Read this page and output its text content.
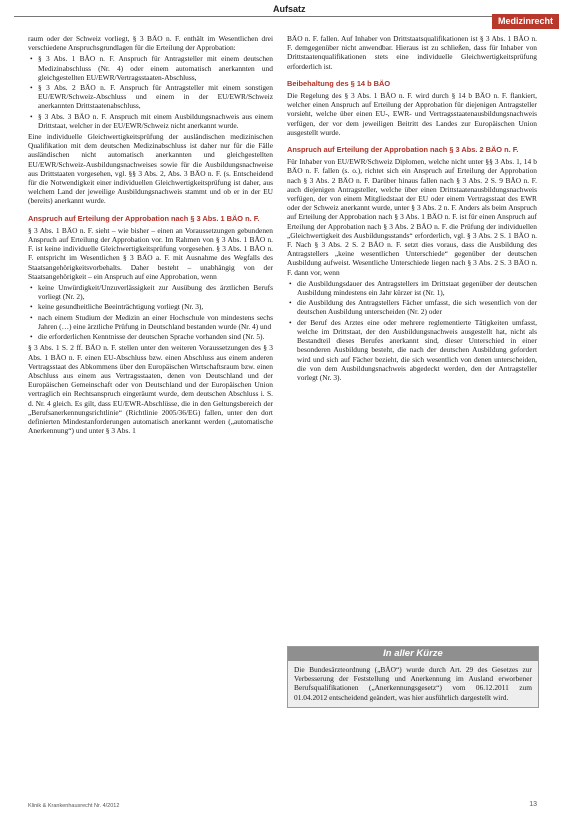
Aufsatz
Medizinrecht

raum oder der Schweiz vorliegt, § 3 BÄO n. F. enthält im Wesentlichen drei verschiedene Anspruchsgrundlagen für die Erteilung der Approbation:

• § 3 Abs. 1 BÄO n. F. Anspruch für Antragsteller mit einem deutschen Medizinabschluss (Nr. 4) oder einem automatisch anerkannten und gleichgestellten EU/EWR/Vertragsstaaten-Abschluss,
• § 3 Abs. 2 BÄO n. F. Anspruch für Antragsteller mit einem sonstigen EU/EWR/Schweiz-Abschluss und einem in der EU/EWR/Schweiz anerkannten Drittstaatenabschluss,
• § 3 Abs. 3 BÄO n. F. Anspruch mit einem Ausbildungsnachweis aus einem Drittstaat, welcher in der EU/EWR/Schweiz nicht anerkannt wurde.

Eine individuelle Gleichwertigkeitsprüfung der ausländischen medizinischen Qualifikation mit dem deutschen Medizinabschluss ist daher nur für die Fälle ausländischen nicht automatisch anerkannten und gleichgestellten EU/EWR/Schweiz-Ausbildungsnachweises sowie für die Ausbildungsnachweise aus Drittstaaten vorgesehen, vgl. §§ 3 Abs. 2, Abs. 3 BÄO n. F. (s. Entscheidend für die Notwendigkeit einer individuellen Gleichwertigkeitsprüfung ist daher, aus welchem Land der jeweilige Ausbildungsnachweis stammt und ob er in der EU (bereits) anerkannt wurde.

Anspruch auf Erteilung der Approbation nach § 3 Abs. 1 BÄO n. F.

§ 3 Abs. 1 BÄO n. F. sieht – wie bisher – einen an Voraussetzungen gebundenen Anspruch auf Erteilung der Approbation vor. Im Rahmen von § 3 Abs. 1 BÄO n. F. ist keine individuelle Gleichwertigkeitsprüfung vorgesehen. § 3 Abs. 1 BÄO n. F. entspricht im Wesentlichen § 3 BÄO a. F. mit Ausnahme des Wegfalls des Staatsangehörigkeitsvorbehalts. Daher besteht – unabhängig von der Staatsangehörigkeit – ein Anspruch auf eine Approbation, wenn

• keine Unwürdigkeit/Unzuverlässigkeit zur Ausübung des ärztlichen Berufs vorliegt (Nr. 2),
• keine gesundheitliche Beeinträchtigung vorliegt (Nr. 3),
• nach einem Studium der Medizin an einer Hochschule von mindestens sechs Jahren (…) eine ärztliche Prüfung in Deutschland bestanden wurde (Nr. 4) und
• die erforderlichen Kenntnisse der deutschen Sprache vorhanden sind (Nr. 5).

§ 3 Abs. 1 S. 2 ff. BÄO n. F. stellen unter den weiteren Voraussetzungen des § 3 Abs. 1 BÄO n. F. einen EU-Abschluss bzw. einen Abschluss aus einem anderen Vertragsstaat des Abkommens über den Europäischen Wirtschaftsraum bzw. einen Abschluss aus einem aus Vertragsstaaten, denen von Deutschland und der Europäischen Gemeinschaft oder von Deutschland und der Europäischen Union vertraglich ein Rechtsanspruch eingeräumt wurde, dem deutschen Abschluss i. S. d. Nr. 4 gleich. Es gilt, dass EU/EWR-Abschlüsse, die in den Geltungsbereich der „Berufsanerkennungsrichtlinie“ (Richtlinie 2005/36/EG) fallen, unter den dort definierten Mindestanforderungen automatisch anerkannt werden („automatische Anerkennung“) und unter § 3 Abs. 1

BÄO n. F. fallen. Auf Inhaber von Drittstaatsqualifikationen ist § 3 Abs. 1 BÄO n. F. demgegenüber nicht anwendbar. Hieraus ist zu schließen, dass für Inhaber von Drittstaatenqualifikationen stets eine individuelle Gleichwertigkeitsprüfung erforderlich ist.

Beibehaltung des § 14 b BÄO

Die Regelung des § 3 Abs. 1 BÄO n. F. wird durch § 14 b BÄO n. F. flankiert, welcher einen Anspruch auf Erteilung der Approbation für diejenigen Antragsteller vorsieht, welche über einen EU-, EWR- und Vertragsstaatenausbildungsnachweis verfügen, der vor dem jeweiligen Beitritt des Landes zur Europäischen Union ausgestellt wurde.

Anspruch auf Erteilung der Approbation nach § 3 Abs. 2 BÄO n. F.

Für Inhaber von EU/EWR/Schweiz Diplomen, welche nicht unter §§ 3 Abs. 1, 14 b BÄO n. F. fallen (s. o.), richtet sich ein Anspruch auf Erteilung der Approbation nach § 3 Abs. 2 BÄO n. F. Darüber hinaus fallen nach § 3 Abs. 2 S. 9 BÄO n. F. auch diejenigen Antragsteller, welche über einen Drittstaatenausbildungsnachweis verfügen, der von einem Mitgliedstaat der EU oder einem Vertragsstaat des EWR oder der Schweiz anerkannt wurde, unter § 3 Abs. 2 n. F. Anders als beim Anspruch auf Erteilung der Approbation nach § 3 Abs. 1 BÄO n. F. ist für einen Anspruch auf Erteilung der Approbation nach § 3 Abs. 2 BÄO n. F. die Prüfung der individuellen „Gleichwertigkeit des Ausbildungsstands“ erforderlich, vgl. § 3 Abs. 2 S. 1 BÄO n. F. Nach § 3 Abs. 2 S. 2 BÄO n. F. setzt dies voraus, dass die Ausbildung des Antragstellers „keine wesentlichen Unterschiede“ gegenüber der deutschen Ausbildung aufweist. Wesentliche Unterschiede liegen nach § 3 Abs. 2 S. 3 BÄO n. F. dann vor, wenn

• die Ausbildungsdauer des Antragstellers im Drittstaat gegenüber der deutschen Ausbildung mindestens ein Jahr kürzer ist (Nr. 1),
• die Ausbildung des Antragstellers Fächer umfasst, die sich wesentlich von der deutschen Ausbildung unterscheiden (Nr. 2) oder
• der Beruf des Arztes eine oder mehrere reglementierte Tätigkeiten umfasst, welche im Drittstaat, der den Ausbildungsnachweis ausgestellt hat, nicht als Bestandteil dieses Berufes anerkannt sind, dieser Unterschied in einer besonderen Ausbildung besteht, die nach der deutschen Ausbildung gefordert wird und sich auf Fächer bezieht, die sich wesentlich von denen unterscheiden, die von dem Ausbildungsnachweis abgedeckt werden, den der Antragsteller vorlegt (Nr. 3).
In aller Kürze
Die Bundesärzteordnung („BÄO“) wurde durch Art. 29 des Gesetzes zur Verbesserung der Feststellung und Anerkennung im Ausland erworbener Berufsqualifikationen („Anerkennungsgesetz“) vom 06.12.2011 zum 01.04.2012 entscheidend geändert, was hier ausführlich dargestellt wird.
Klinik & Krankenhausrecht Nr. 4/2012	13
